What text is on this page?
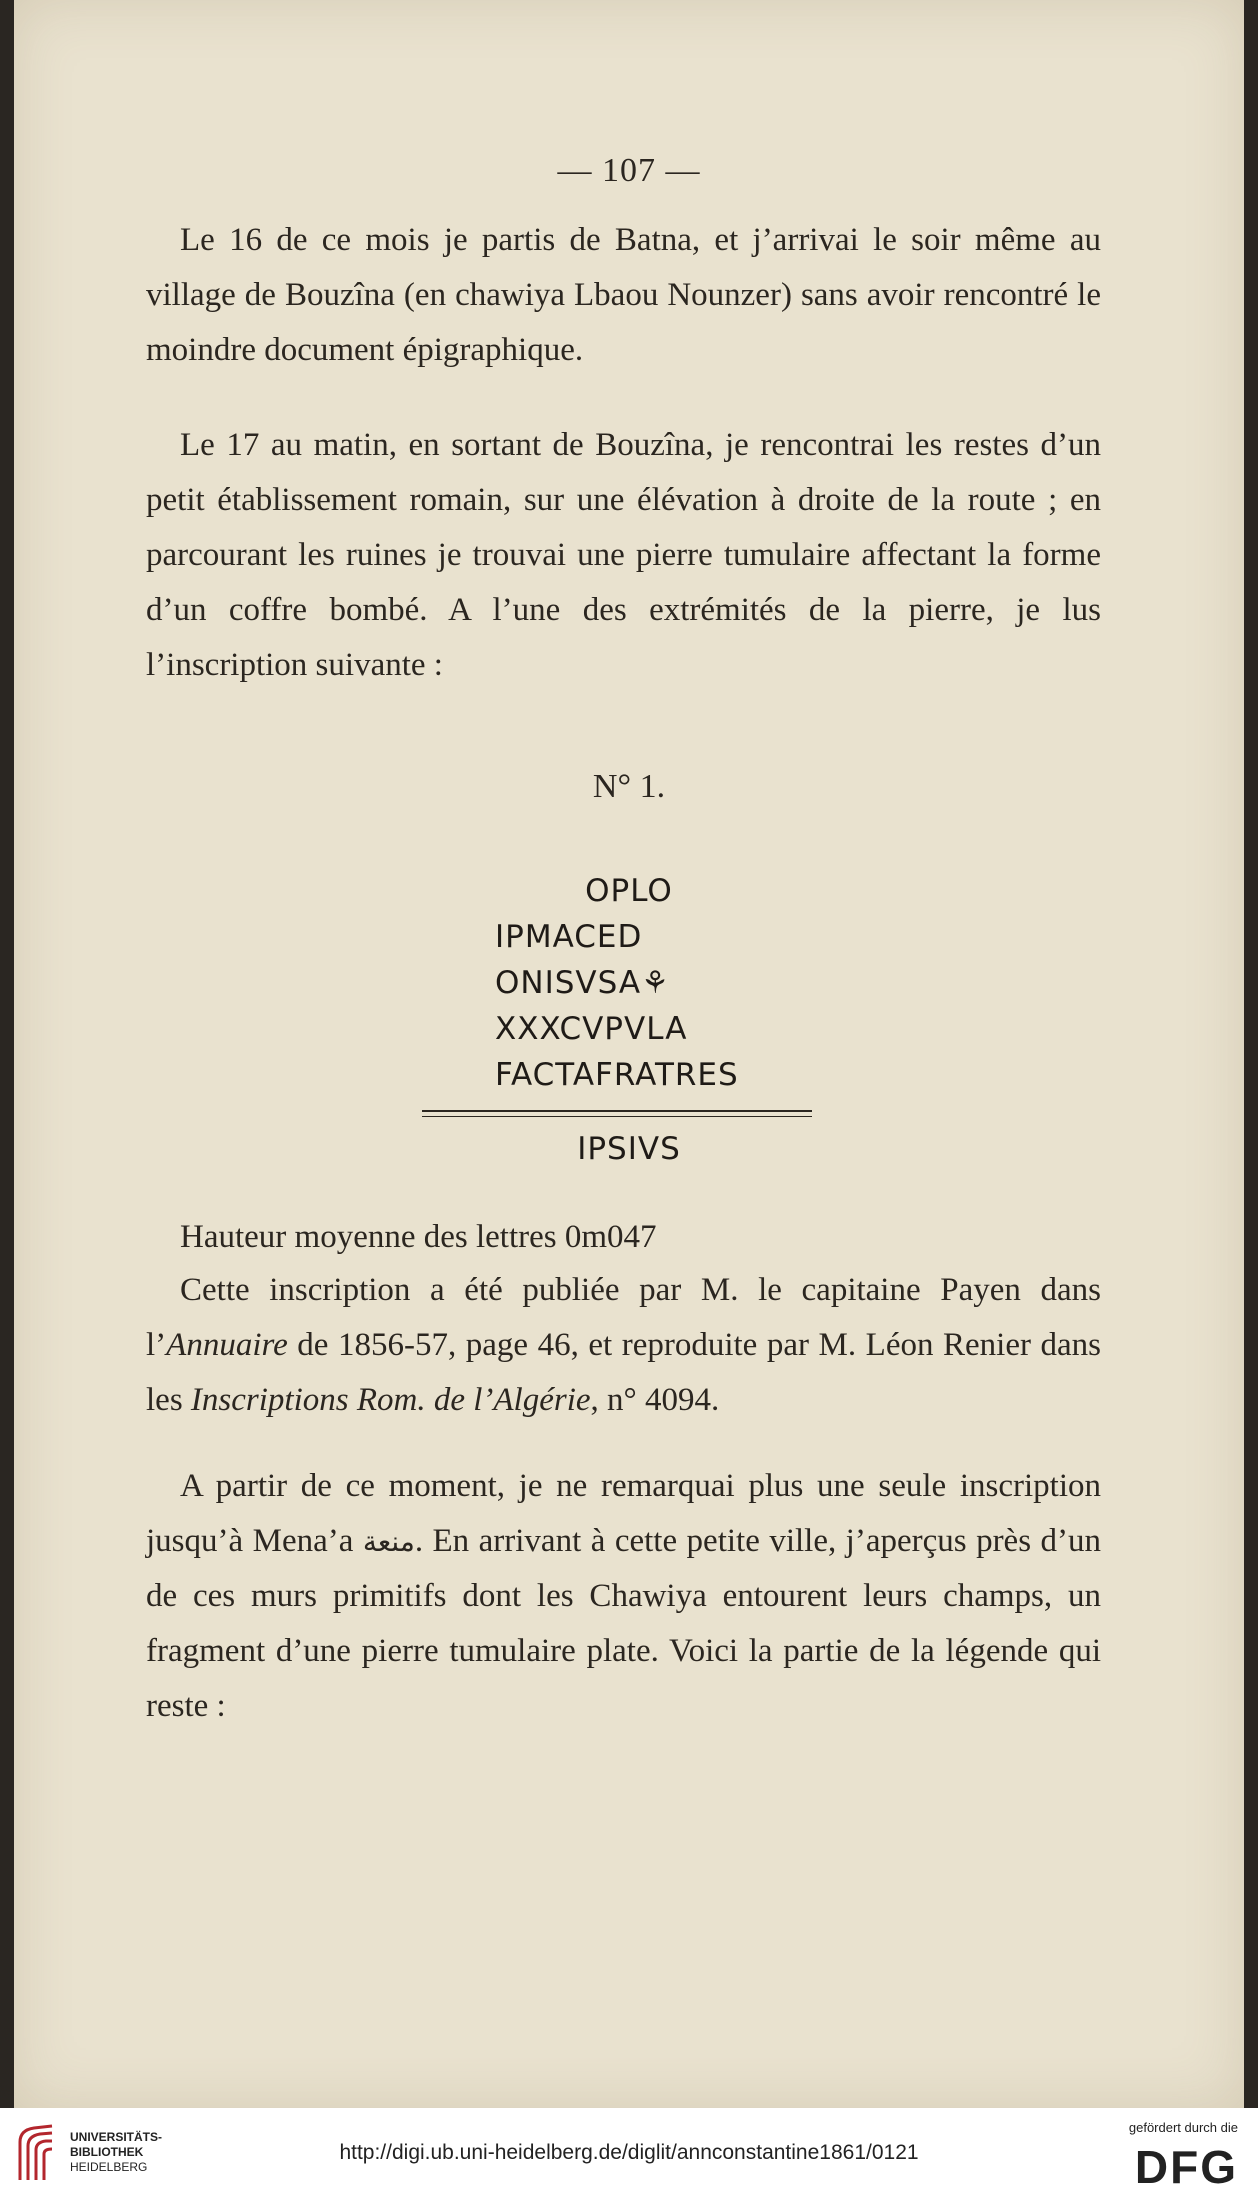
— 107 —

Le 16 de ce mois je partis de Batna, et j’arrivai le soir même au village de Bouzîna (en chawiya Lbaou Nounzer) sans avoir rencontré le moindre document épigraphique.

Le 17 au matin, en sortant de Bouzîna, je rencontrai les restes d’un petit établissement romain, sur une élévation à droite de la route ; en parcourant les ruines je trouvai une pierre tumulaire affectant la forme d’un coffre bombé. A l’une des extrémités de la pierre, je lus l’inscription suivante :

N° 1.
OPLO
IPMACED
ONISVSA⚘
XXXCVPVLA
FACTAFRATRES
IPSIVS

Hauteur moyenne des lettres 0m047

Cette inscription a été publiée par M. le capitaine Payen dans l’Annuaire de 1856-57, page 46, et reproduite par M. Léon Renier dans les Inscriptions Rom. de l’Algérie, n° 4094.

A partir de ce moment, je ne remarquai plus une seule inscription jusqu’à Mena’a منعة. En arrivant à cette petite ville, j’aperçus près d’un de ces murs primitifs dont les Chawiya entourent leurs champs, un fragment d’une pierre tumulaire plate. Voici la partie de la légende qui reste :

UNIVERSITÄTS-
BIBLIOTHEK
HEIDELBERG
http://digi.ub.uni-heidelberg.de/diglit/annconstantine1861/0121
gefördert durch die
DFG
